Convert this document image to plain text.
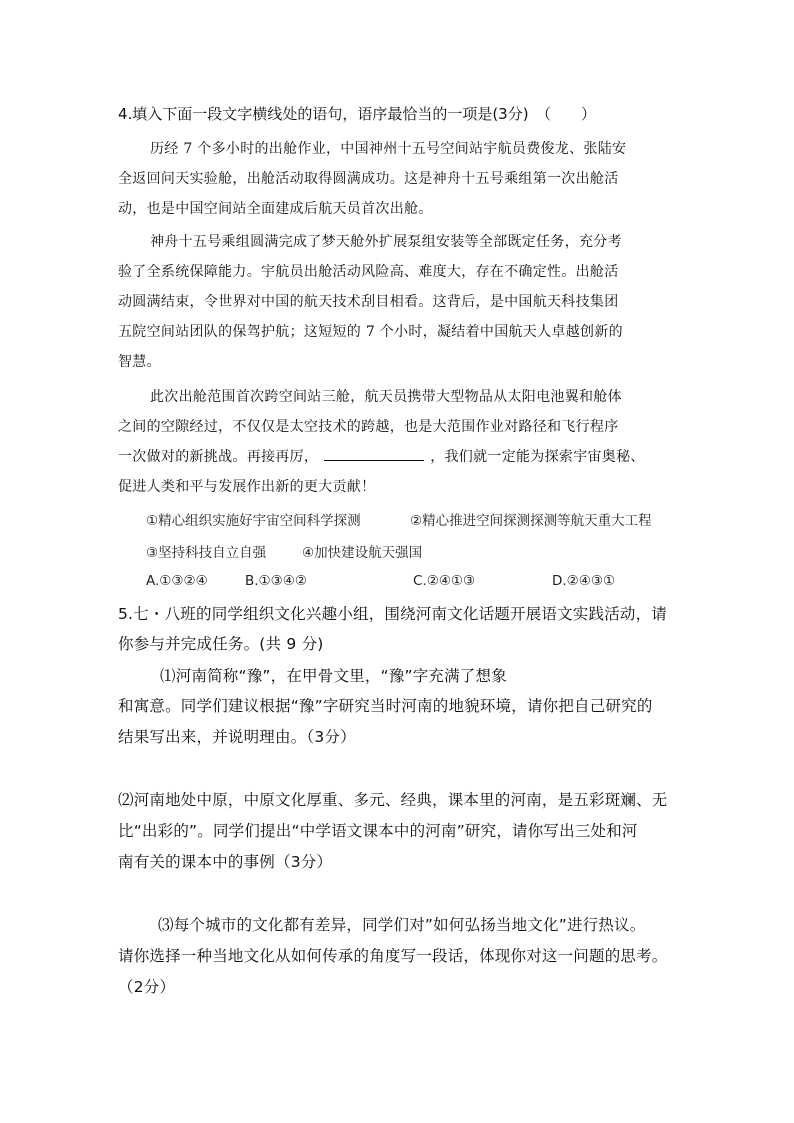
4.填入下面一段文字横线处的语句，语序最恰当的一项是(3分)　（　　）
历经 7 个多小时的出舱作业，中国神州十五号空间站宇航员费俊龙、张陆安
全返回问天实验舱，出舱活动取得圆满成功。这是神舟十五号乘组第一次出舱活
动，也是中国空间站全面建成后航天员首次出舱。
神舟十五号乘组圆满完成了梦天舱外扩展泵组安装等全部既定任务，充分考
验了全系统保障能力。宇航员出舱活动风险高、难度大，存在不确定性。出舱活
动圆满结束，令世界对中国的航天技术刮目相看。这背后，是中国航天科技集团
五院空间站团队的保驾护航；这短短的 7 个小时，凝结着中国航天人卓越创新的
智慧。
此次出舱范围首次跨空间站三舱，航天员携带大型物品从太阳电池翼和舱体
之间的空隙经过，不仅仅是太空技术的跨越，也是大范围作业对路径和飞行程序
一次做对的新挑战。再接再厉，	，我们就一定能为探索宇宙奥秘、
促进人类和平与发展作出新的更大贡献！
①精心组织实施好宇宙空间科学探测	②精心推进空间探测探测等航天重大工程
③坚持科技自立自强	④加快建设航天强国
A.①③②④	B.①③④②	C.②④①③	D.②④③①
5.七・八班的同学组织文化兴趣小组，围绕河南文化话题开展语文实践活动，请
你参与并完成任务。(共 9 分)
⑴河南简称“豫”，在甲骨文里，“豫”字充满了想象
和寓意。同学们建议根据“豫”字研究当时河南的地貌环境，请你把自己研究的
结果写出来，并说明理由。（3分）
⑵河南地处中原，中原文化厚重、多元、经典，课本里的河南，是五彩斑斓、无
比“出彩的”。同学们提出“中学语文课本中的河南”研究，请你写出三处和河
南有关的课本中的事例（3分）
⑶每个城市的文化都有差异，同学们对”如何弘扬当地文化”进行热议。
请你选择一种当地文化从如何传承的角度写一段话，体现你对这一问题的思考。
（2分）
